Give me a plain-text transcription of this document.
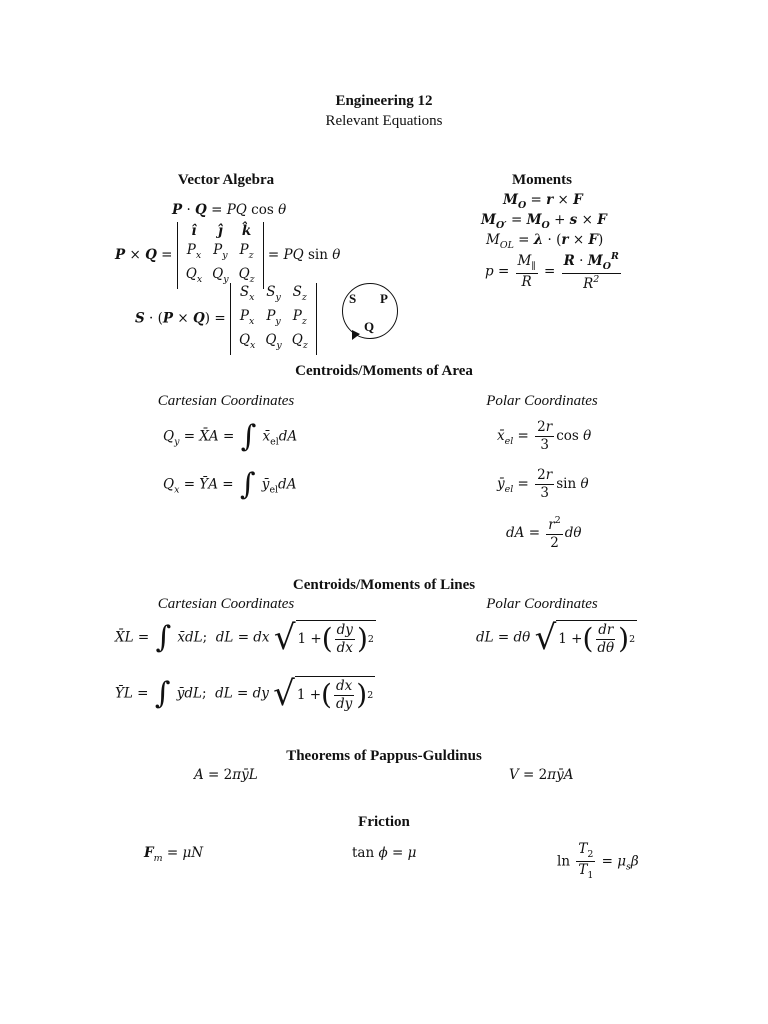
Engineering 12
Relevant Equations
Vector Algebra
P · Q = PQ cos θ
P × Q =
î	ĵ	k̂
$P_x$	$P_y$	$P_z$
$Q_x$	$Q_y$	$Q_z$
= PQ sin θ
S · (P × Q) =
$S_x$	$S_y$	$S_z$
$P_x$	$P_y$	$P_z$
$Q_x$	$Q_y$	$Q_z$
S P
Q
Moments
$M_O = r \times F$
$M_{O'} = M_O + s \times F$
$M_{OL} = \lambda \cdot (r \times F)$
$p = \frac{M_\parallel}{R} = \frac{R \cdot M_O^R}{R^2}$
Centroids/Moments of Area
Cartesian Coordinates	Polar Coordinates
$Q_y$ = X̄A = ∫ $x̄_{el}dA$
$Q_x$ = ȲA = ∫ $ȳ_{el}dA$
$x̄_{el} = \frac{2r}{3}$ cos θ
$ȳ_{el} = \frac{2r}{3}$ sin θ
dA = $\frac{r^2}{2}$ dθ
Centroids/Moments of Lines
Cartesian Coordinates	Polar Coordinates
X̄L = ∫ x̄dL;  dL = dx √ 1 + ( $\frac{dy}{dx}$ ) 2
ȲL = ∫ ȳdL;  dL = dy √ 1 + ( $\frac{dx}{dy}$ ) 2
dL = dθ √ 1 + ( $\frac{dr}{d\theta}$ ) 2
Theorems of Pappus-Guldinus
A = 2πȳL	V = 2πȳA
Friction
$F_m = \mu N$	tan ϕ = μ
$\ln \frac{T_2}{T_1} = \mu_s\beta$
